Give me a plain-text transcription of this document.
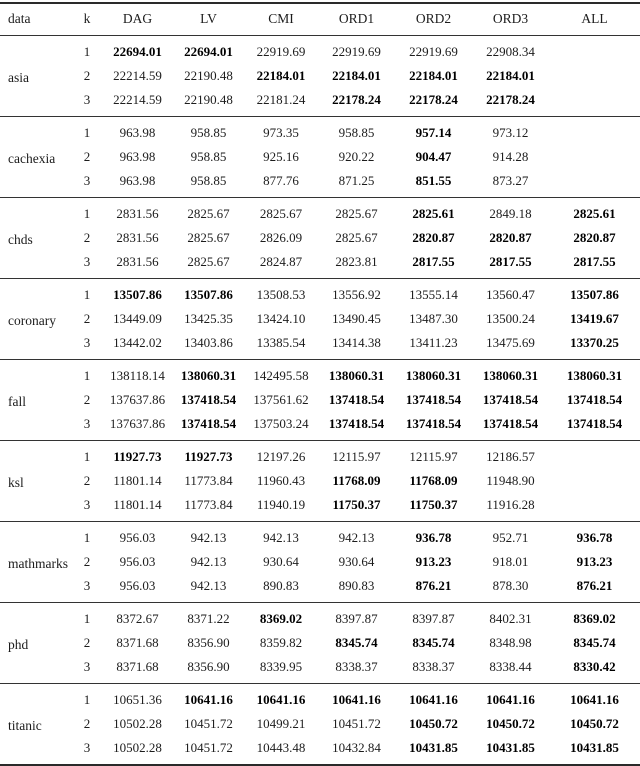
data	k	DAG	LV	CMI	ORD1	ORD2	ORD3	ALL
asia	1	22694.01	22694.01	22919.69	22919.69	22919.69	22908.34	
	2	22214.59	22190.48	22184.01	22184.01	22184.01	22184.01	
	3	22214.59	22190.48	22181.24	22178.24	22178.24	22178.24	
cachexia	1	963.98	958.85	973.35	958.85	957.14	973.12	
	2	963.98	958.85	925.16	920.22	904.47	914.28	
	3	963.98	958.85	877.76	871.25	851.55	873.27	
chds	1	2831.56	2825.67	2825.67	2825.67	2825.61	2849.18	2825.61
	2	2831.56	2825.67	2826.09	2825.67	2820.87	2820.87	2820.87
	3	2831.56	2825.67	2824.87	2823.81	2817.55	2817.55	2817.55
coronary	1	13507.86	13507.86	13508.53	13556.92	13555.14	13560.47	13507.86
	2	13449.09	13425.35	13424.10	13490.45	13487.30	13500.24	13419.67
	3	13442.02	13403.86	13385.54	13414.38	13411.23	13475.69	13370.25
fall	1	138118.14	138060.31	142495.58	138060.31	138060.31	138060.31	138060.31
	2	137637.86	137418.54	137561.62	137418.54	137418.54	137418.54	137418.54
	3	137637.86	137418.54	137503.24	137418.54	137418.54	137418.54	137418.54
ksl	1	11927.73	11927.73	12197.26	12115.97	12115.97	12186.57	
	2	11801.14	11773.84	11960.43	11768.09	11768.09	11948.90	
	3	11801.14	11773.84	11940.19	11750.37	11750.37	11916.28	
mathmarks	1	956.03	942.13	942.13	942.13	936.78	952.71	936.78
	2	956.03	942.13	930.64	930.64	913.23	918.01	913.23
	3	956.03	942.13	890.83	890.83	876.21	878.30	876.21
phd	1	8372.67	8371.22	8369.02	8397.87	8397.87	8402.31	8369.02
	2	8371.68	8356.90	8359.82	8345.74	8345.74	8348.98	8345.74
	3	8371.68	8356.90	8339.95	8338.37	8338.37	8338.44	8330.42
titanic	1	10651.36	10641.16	10641.16	10641.16	10641.16	10641.16	10641.16
	2	10502.28	10451.72	10499.21	10451.72	10450.72	10450.72	10450.72
	3	10502.28	10451.72	10443.48	10432.84	10431.85	10431.85	10431.85
